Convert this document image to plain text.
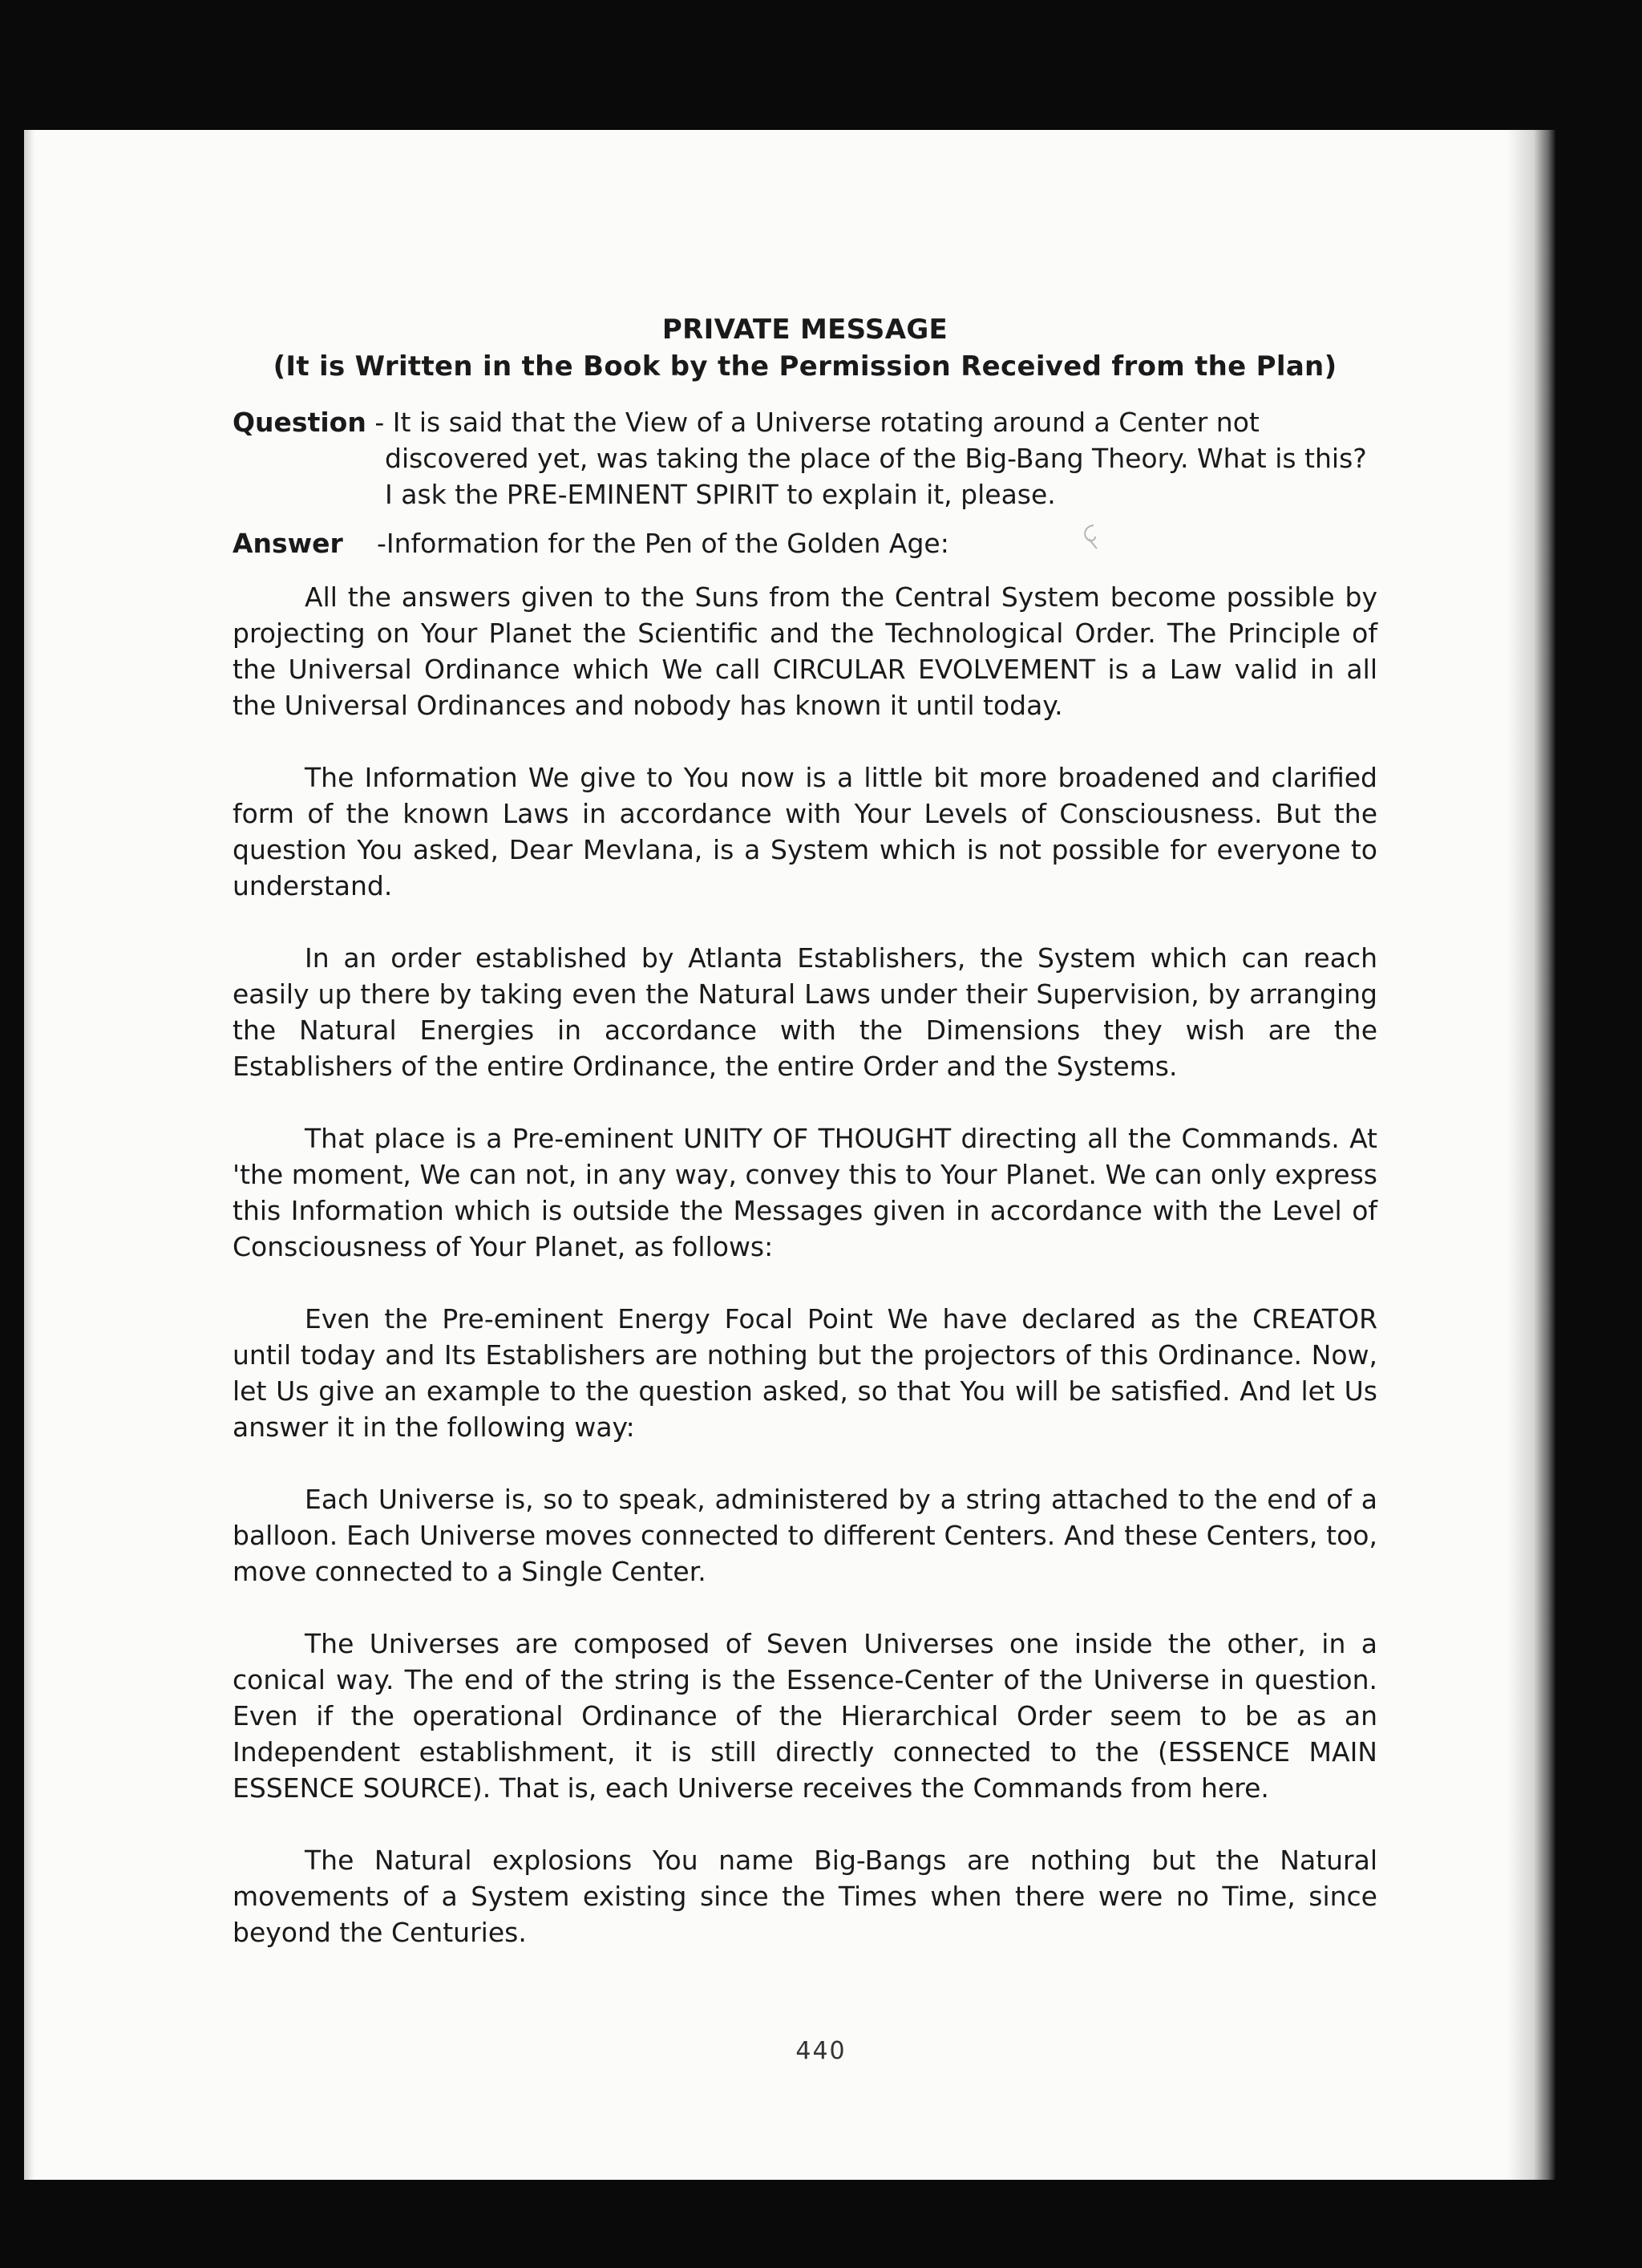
PRIVATE MESSAGE
(It is Written in the Book by the Permission Received from the Plan)
Question - It is said that the View of a Universe rotating around a Center not discovered yet, was taking the place of the Big-Bang Theory. What is this? I ask the PRE-EMINENT SPIRIT to explain it, please.
Answer -Information for the Pen of the Golden Age:

All the answers given to the Suns from the Central System become possible by projecting on Your Planet the Scientific and the Technological Order. The Principle of the Universal Ordinance which We call CIRCULAR EVOLVEMENT is a Law valid in all the Universal Ordinances and nobody has known it until today.

The Information We give to You now is a little bit more broadened and clarified form of the known Laws in accordance with Your Levels of Consciousness. But the question You asked, Dear Mevlana, is a System which is not possible for everyone to understand.

In an order established by Atlanta Establishers, the System which can reach easily up there by taking even the Natural Laws under their Supervision, by arranging the Natural Energies in accordance with the Dimensions they wish are the Establishers of the entire Ordinance, the entire Order and the Systems.

That place is a Pre-eminent UNITY OF THOUGHT directing all the Commands. At 'the moment, We can not, in any way, convey this to Your Planet. We can only express this Information which is outside the Messages given in accordance with the Level of Consciousness of Your Planet, as follows:

Even the Pre-eminent Energy Focal Point We have declared as the CREATOR until today and Its Establishers are nothing but the projectors of this Ordinance. Now, let Us give an example to the question asked, so that You will be satisfied. And let Us answer it in the following way:

Each Universe is, so to speak, administered by a string attached to the end of a balloon. Each Universe moves connected to different Centers. And these Centers, too, move connected to a Single Center.

The Universes are composed of Seven Universes one inside the other, in a conical way. The end of the string is the Essence-Center of the Universe in question. Even if the operational Ordinance of the Hierarchical Order seem to be as an Independent establishment, it is still directly connected to the (ESSENCE MAIN ESSENCE SOURCE). That is, each Universe receives the Commands from here.

The Natural explosions You name Big-Bangs are nothing but the Natural movements of a System existing since the Times when there were no Time, since beyond the Centuries.

440
